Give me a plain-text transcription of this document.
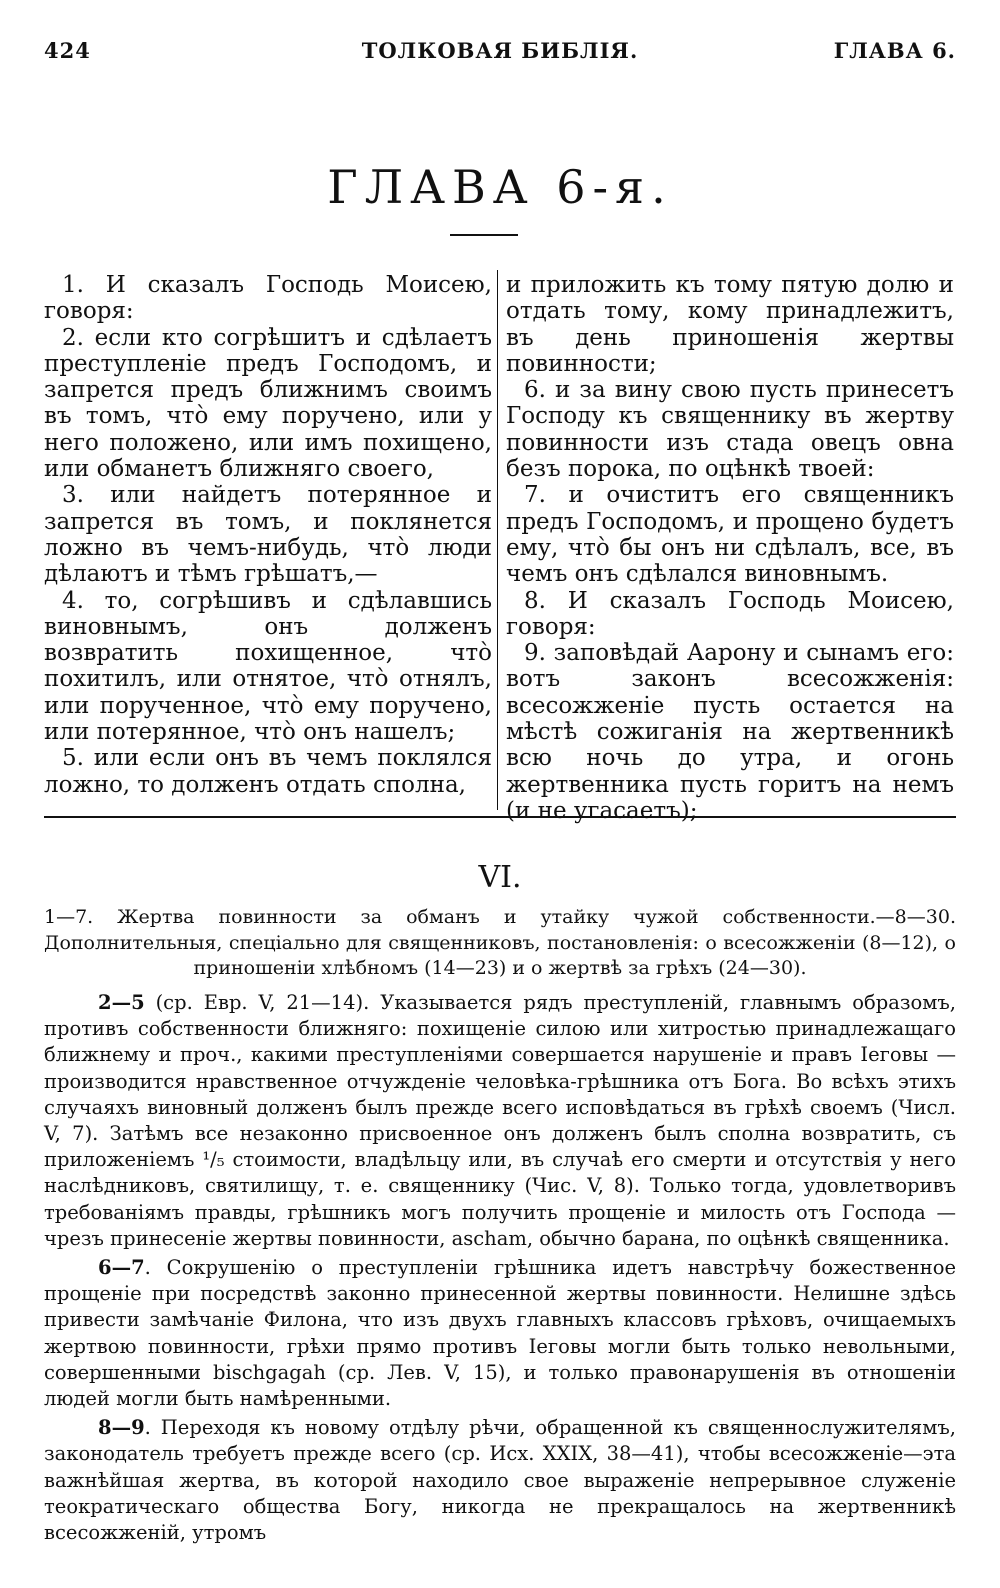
424	ТОЛКОВАЯ БИБЛІЯ.	ГЛАВА 6.
ГЛАВА 6-я.

1. И сказалъ Господь Моисею, говоря:

2. если кто согрѣшитъ и сдѣлаетъ преступленіе предъ Господомъ, и запрется предъ ближнимъ своимъ въ томъ, что̀ ему поручено, или у него положено, или имъ похищено, или обманетъ ближняго своего,

3. или найдетъ потерянное и запрется въ томъ, и поклянется ложно въ чемъ-нибудь, что̀ люди дѣлаютъ и тѣмъ грѣшатъ,—

4. то, согрѣшивъ и сдѣлавшись виновнымъ, онъ долженъ возвратить похищенное, что̀ похитилъ, или отнятое, что̀ отнялъ, или порученное, что̀ ему поручено, или потерянное, что̀ онъ нашелъ;

5. или если онъ въ чемъ поклялся ложно, то долженъ отдать сполна,

и приложить къ тому пятую долю и отдать тому, кому принадлежитъ, въ день приношенія жертвы повинности;

6. и за вину свою пусть принесетъ Господу къ священнику въ жертву повинности изъ стада овецъ овна безъ порока, по оцѣнкѣ твоей:

7. и очиститъ его священникъ предъ Господомъ, и прощено будетъ ему, что̀ бы онъ ни сдѣлалъ, все, въ чемъ онъ сдѣлался виновнымъ.

8. И сказалъ Господь Моисею, говоря:

9. заповѣдай Аарону и сынамъ его: вотъ законъ всесожженія: всесожженіе пусть остается на мѣстѣ сожиганія на жертвенникѣ всю ночь до утра, и огонь жертвенника пусть горитъ на немъ (и не угасаетъ);

VI.
1—7. Жертва повинности за обманъ и утайку чужой собственности.—8—30. Дополнительныя, спеціально для священниковъ, постановленія: о всесожженіи (8—12), о приношеніи хлѣбномъ (14—23) и о жертвѣ за грѣхъ (24—30).

2—5 (ср. Евр. V, 21—14). Указывается рядъ преступленій, главнымъ образомъ, противъ собственности ближняго: похищеніе силою или хитростью принадлежащаго ближнему и проч., какими преступленіями совершается нарушеніе и правъ Іеговы — производится нравственное отчужденіе человѣка-грѣшника отъ Бога. Во всѣхъ этихъ случаяхъ виновный долженъ былъ прежде всего исповѣдаться въ грѣхѣ своемъ (Числ. V, 7). Затѣмъ все незаконно присвоенное онъ долженъ былъ сполна возвратить, съ приложеніемъ ¹/₅ стоимости, владѣльцу или, въ случаѣ его смерти и отсутствія у него наслѣдниковъ, святилищу, т. е. священнику (Чис. V, 8). Только тогда, удовлетворивъ требованіямъ правды, грѣшникъ могъ получить прощеніе и милость отъ Господа — чрезъ принесеніе жертвы повинности, ascham, обычно барана, по оцѣнкѣ священника.

6—7. Сокрушенію о преступленіи грѣшника идетъ навстрѣчу божественное прощеніе при посредствѣ законно принесенной жертвы повинности. Нелишне здѣсь привести замѣчаніе Филона, что изъ двухъ главныхъ классовъ грѣховъ, очищаемыхъ жертвою повинности, грѣхи прямо противъ Іеговы могли быть только невольными, совершенными bischgagah (ср. Лев. V, 15), и только правонарушенія въ отношеніи людей могли быть намѣренными.

8—9. Переходя къ новому отдѣлу рѣчи, обращенной къ священнослужителямъ, законодатель требуетъ прежде всего (ср. Исх. XXIX, 38—41), чтобы всесожженіе—эта важнѣйшая жертва, въ которой находило свое выраженіе непрерывное служеніе теократическаго общества Богу, никогда не прекращалось на жертвенникѣ всесожженій, утромъ
